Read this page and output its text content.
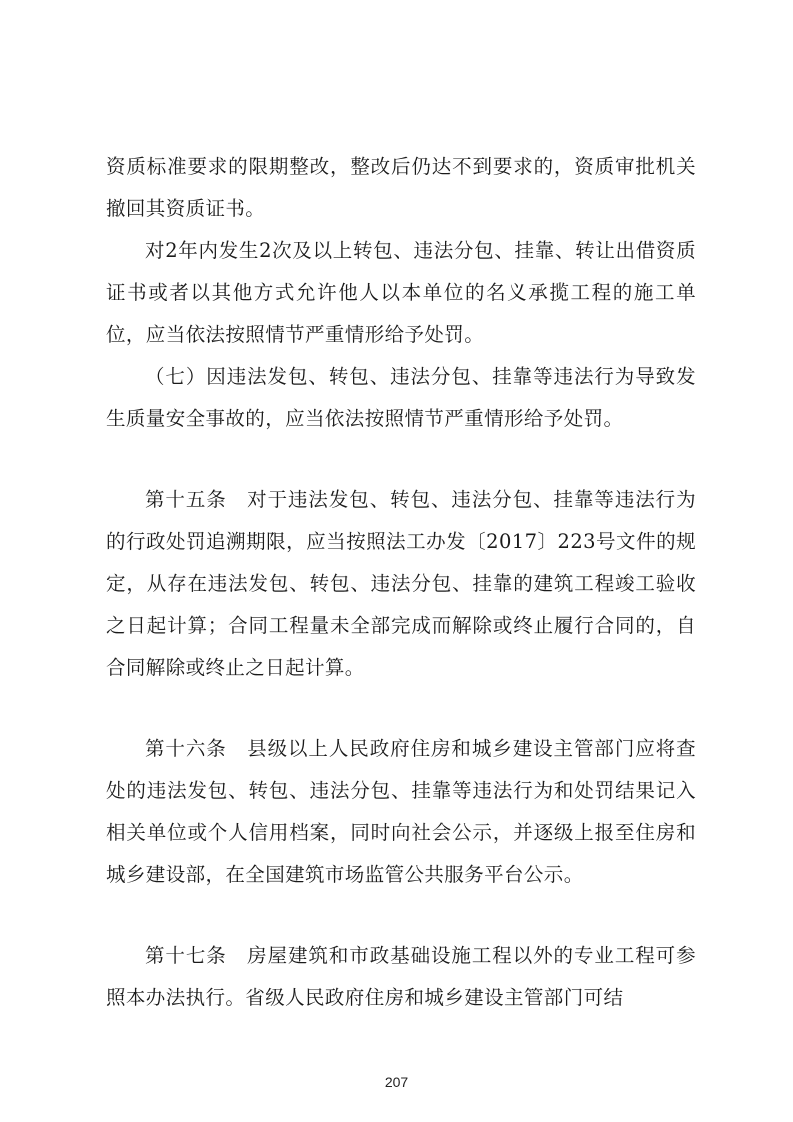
资质标准要求的限期整改，整改后仍达不到要求的，资质审批机关撤回其资质证书。

对2年内发生2次及以上转包、违法分包、挂靠、转让出借资质证书或者以其他方式允许他人以本单位的名义承揽工程的施工单位，应当依法按照情节严重情形给予处罚。

（七）因违法发包、转包、违法分包、挂靠等违法行为导致发生质量安全事故的，应当依法按照情节严重情形给予处罚。

第十五条　 对于违法发包、转包、违法分包、挂靠等违法行为的行政处罚追溯期限，应当按照法工办发〔2017〕223号文件的规定，从存在违法发包、转包、违法分包、挂靠的建筑工程竣工验收之日起计算；合同工程量未全部完成而解除或终止履行合同的，自合同解除或终止之日起计算。

第十六条　 县级以上人民政府住房和城乡建设主管部门应将查处的违法发包、转包、违法分包、挂靠等违法行为和处罚结果记入相关单位或个人信用档案，同时向社会公示，并逐级上报至住房和城乡建设部，在全国建筑市场监管公共服务平台公示。

第十七条　 房屋建筑和市政基础设施工程以外的专业工程可参照本办法执行。省级人民政府住房和城乡建设主管部门可结

207
